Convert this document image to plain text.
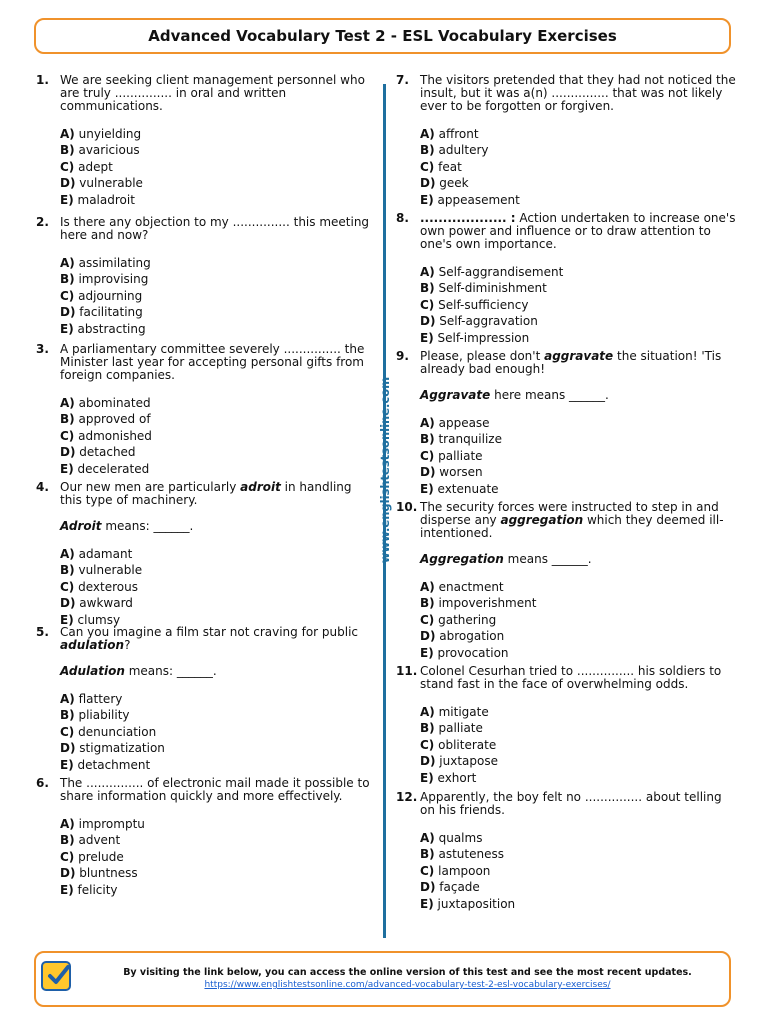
Advanced Vocabulary Test 2 - ESL Vocabulary Exercises
www.englishtestsonline.com
1. We are seeking client management personnel who are truly ............... in oral and written communications.

A) unyielding
B) avaricious
C) adept
D) vulnerable
E) maladroit
2. Is there any objection to my ............... this meeting here and now?

A) assimilating
B) improvising
C) adjourning
D) facilitating
E) abstracting
3. A parliamentary committee severely ............... the Minister last year for accepting personal gifts from foreign companies.

A) abominated
B) approved of
C) admonished
D) detached
E) decelerated
4. Our new men are particularly adroit in handling this type of machinery.

Adroit means: ______.

A) adamant
B) vulnerable
C) dexterous
D) awkward
E) clumsy
5. Can you imagine a film star not craving for public adulation?

Adulation means: ______.

A) flattery
B) pliability
C) denunciation
D) stigmatization
E) detachment
6. The ............... of electronic mail made it possible to share information quickly and more effectively.

A) impromptu
B) advent
C) prelude
D) bluntness
E) felicity
7. The visitors pretended that they had not noticed the insult, but it was a(n) ............... that was not likely ever to be forgotten or forgiven.

A) affront
B) adultery
C) feat
D) geek
E) appeasement
8. ................... : Action undertaken to increase one's own power and influence or to draw attention to one's own importance.

A) Self-aggrandisement
B) Self-diminishment
C) Self-sufficiency
D) Self-aggravation
E) Self-impression
9. Please, please don't aggravate the situation! 'Tis already bad enough!

Aggravate here means ______.

A) appease
B) tranquilize
C) palliate
D) worsen
E) extenuate
10. The security forces were instructed to step in and disperse any aggregation which they deemed ill-intentioned.

Aggregation means ______.

A) enactment
B) impoverishment
C) gathering
D) abrogation
E) provocation
11. Colonel Cesurhan tried to ............... his soldiers to stand fast in the face of overwhelming odds.

A) mitigate
B) palliate
C) obliterate
D) juxtapose
E) exhort
12. Apparently, the boy felt no ............... about telling on his friends.

A) qualms
B) astuteness
C) lampoon
D) façade
E) juxtaposition
By visiting the link below, you can access the online version of this test and see the most recent updates.
https://www.englishtestsonline.com/advanced-vocabulary-test-2-esl-vocabulary-exercises/
